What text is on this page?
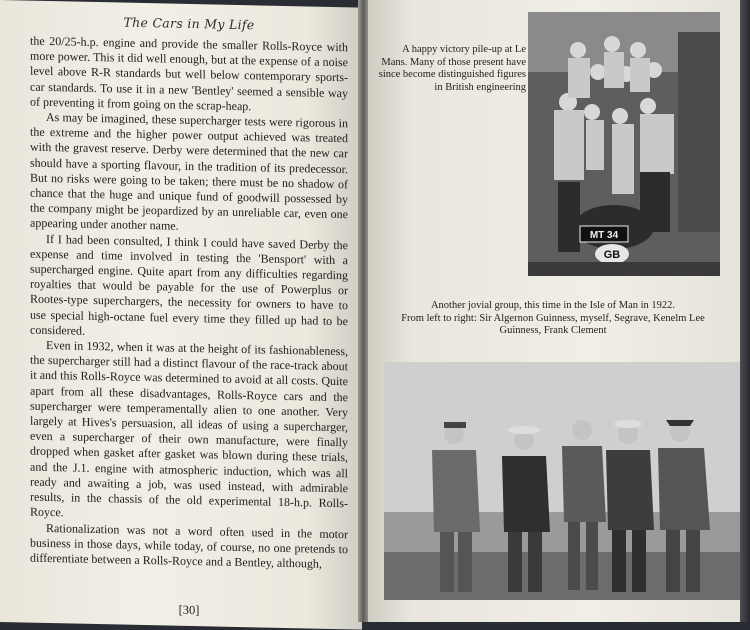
The Cars in My Life

the 20/25-h.p. engine and provide the smaller Rolls-Royce with more power. This it did well enough, but at the expense of a noise level above R-R standards but well below contemporary sports-car standards. To use it in a new 'Bentley' seemed a sensible way of preventing it from going on the scrap-heap.

As may be imagined, these supercharger tests were rigorous in the extreme and the higher power output achieved was treated with the gravest reserve. Derby were determined that the new car should have a sporting flavour, in the tradition of its predecessor. But no risks were going to be taken; there must be no shadow of chance that the huge and unique fund of goodwill possessed by the company might be jeopardized by an unreliable car, even one appearing under another name.

If I had been consulted, I think I could have saved Derby the expense and time involved in testing the 'Bensport' with a supercharged engine. Quite apart from any difficulties regarding royalties that would be payable for the use of Powerplus or Rootes-type superchargers, the necessity for owners to have to use special high-octane fuel every time they filled up had to be considered.

Even in 1932, when it was at the height of its fashionableness, the supercharger still had a distinct flavour of the race-track about it and this Rolls-Royce was determined to avoid at all costs. Quite apart from all these disadvantages, Rolls-Royce cars and the supercharger were temperamentally alien to one another. Very largely at Hives's persuasion, all ideas of using a supercharger, even a supercharger of their own manufacture, were finally dropped when gasket after gasket was blown during these trials, and the J.1. engine with atmospheric induction, which was all ready and awaiting a job, was used instead, with admirable results, in the chassis of the old experimental 18-h.p. Rolls-Royce.

Rationalization was not a word often used in the motor business in those days, while today, of course, no one pretends to differentiate between a Rolls-Royce and a Bentley, although,

[30]
A happy victory pile-up at Le Mans. Many of those present have since become distinguished figures in British engineering
MT 34
GB
Another jovial group, this time in the Isle of Man in 1922.
From left to right: Sir Algernon Guinness, myself, Segrave, Kenelm Lee Guinness, Frank Clement
